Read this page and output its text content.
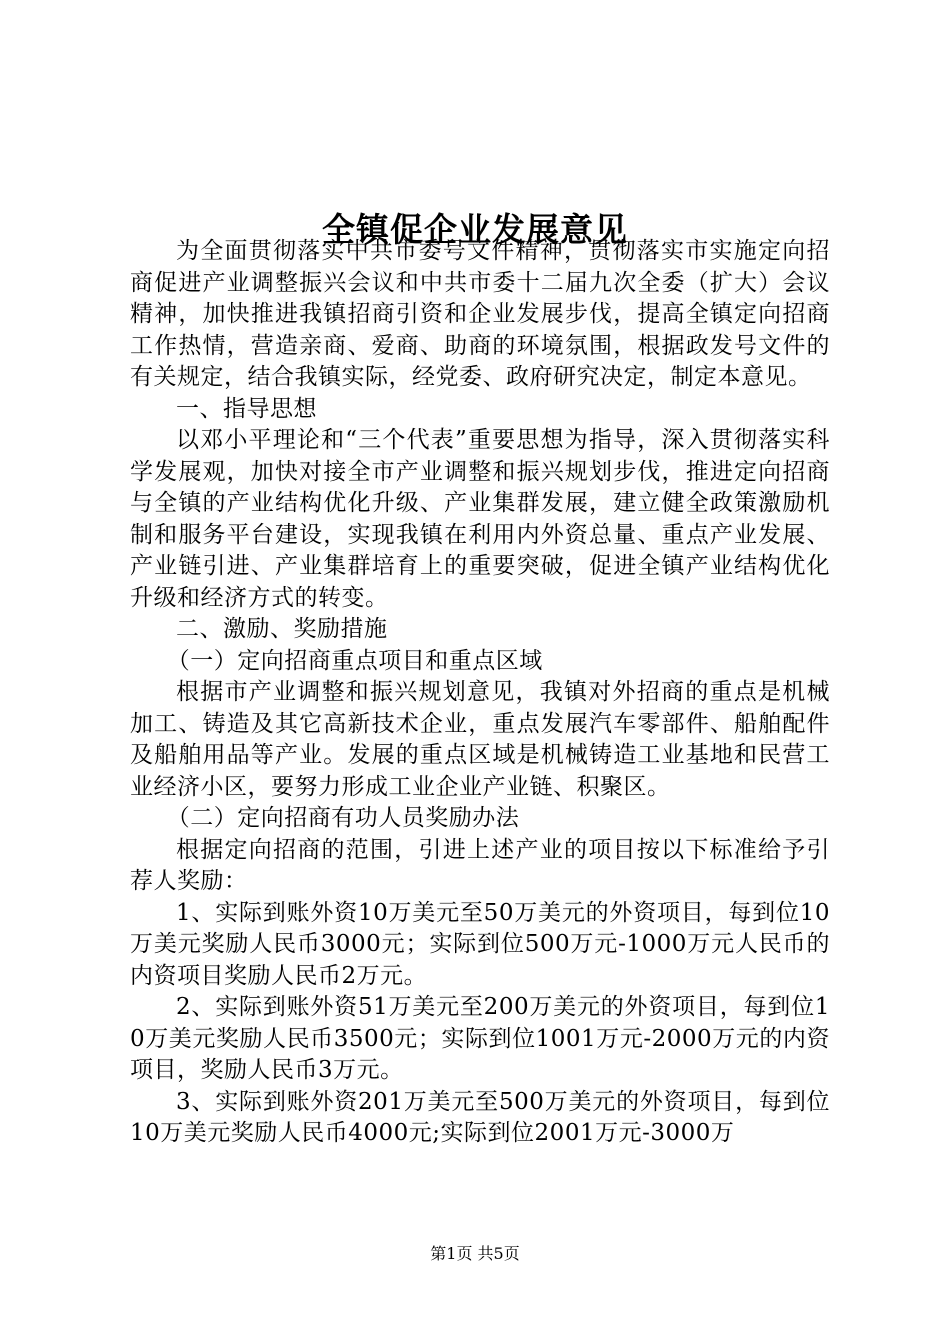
全镇促企业发展意见

为全面贯彻落实中共市委号文件精神，贯彻落实市实施定向招商促进产业调整振兴会议和中共市委十二届九次全委（扩大）会议精神，加快推进我镇招商引资和企业发展步伐，提高全镇定向招商工作热情，营造亲商、爱商、助商的环境氛围，根据政发号文件的有关规定，结合我镇实际，经党委、政府研究决定，制定本意见。

一、指导思想

以邓小平理论和“三个代表”重要思想为指导，深入贯彻落实科学发展观，加快对接全市产业调整和振兴规划步伐，推进定向招商与全镇的产业结构优化升级、产业集群发展，建立健全政策激励机制和服务平台建设，实现我镇在利用内外资总量、重点产业发展、产业链引进、产业集群培育上的重要突破，促进全镇产业结构优化升级和经济方式的转变。

二、激励、奖励措施

（一）定向招商重点项目和重点区域

根据市产业调整和振兴规划意见，我镇对外招商的重点是机械加工、铸造及其它高新技术企业，重点发展汽车零部件、船舶配件及船舶用品等产业。发展的重点区域是机械铸造工业基地和民营工业经济小区，要努力形成工业企业产业链、积聚区。

（二）定向招商有功人员奖励办法

根据定向招商的范围，引进上述产业的项目按以下标准给予引荐人奖励：

1、实际到账外资10万美元至50万美元的外资项目，每到位10万美元奖励人民币3000元；实际到位500万元-1000万元人民币的内资项目奖励人民币2万元。

2、实际到账外资51万美元至200万美元的外资项目，每到位10万美元奖励人民币3500元；实际到位1001万元-2000万元的内资项目，奖励人民币3万元。

3、实际到账外资201万美元至500万美元的外资项目，每到位10万美元奖励人民币4000元;实际到位2001万元-3000万

第1页 共5页
